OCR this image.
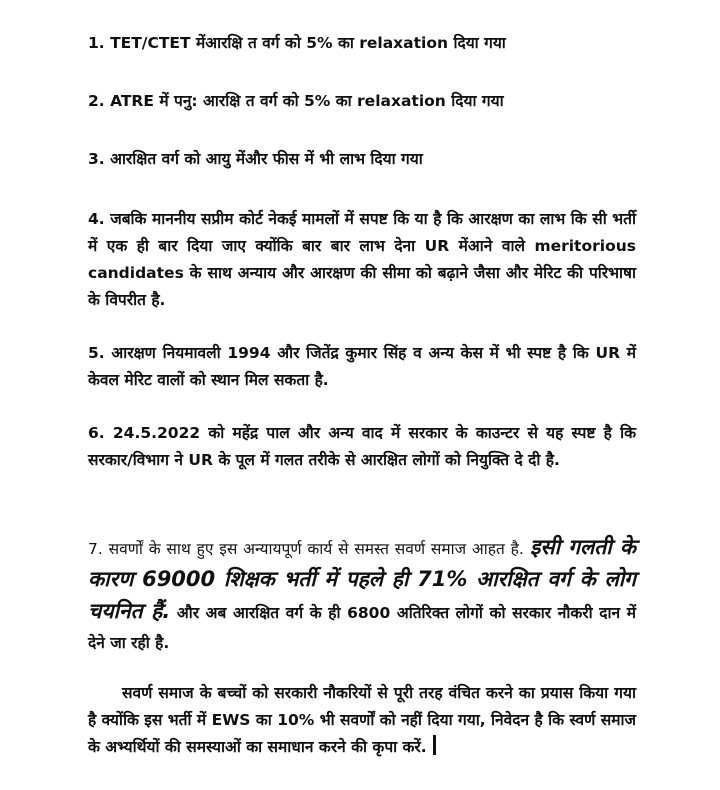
1. TET/CTET मेंआरक्षि त वर्ग को 5% का relaxation दिया गया

2. ATRE में पनु: आरक्षि त वर्ग को 5% का relaxation दिया गया

3. आरक्षित वर्ग को आयु मेंऔर फीस में भी लाभ दिया गया

4. जबकि माननीय सप्रीम कोर्ट नेकई मामलों में सपष्ट कि या है कि आरक्षण का लाभ कि सी भर्ती में एक ही बार दिया जाए क्योंकि बार बार लाभ देना UR मेंआने वाले meritorious candidates के साथ अन्याय और आरक्षण की सीमा को बढ़ाने जैसा और मेरिट की परिभाषा के विपरीत है.

5. आरक्षण नियमावली 1994 और जितेंद्र कुमार सिंह व अन्य केस में भी स्पष्ट है कि UR में केवल मेरिट वालों को स्थान मिल सकता है.

6. 24.5.2022 को महेंद्र पाल और अन्य वाद में सरकार के काउन्टर से यह स्पष्ट है कि सरकार/विभाग ने UR के पूल में गलत तरीके से आरक्षित लोगों को नियुक्ति दे दी है.

7. सवर्णों के साथ हुए इस अन्यायपूर्ण कार्य से समस्त सवर्ण समाज आहत है. इसी गलती के कारण 69000 शिक्षक भर्ती में पहले ही 71% आरक्षित वर्ग के लोग चयनित हैं. और अब आरक्षित वर्ग के ही 6800 अतिरिक्त लोगों को सरकार नौकरी दान में देने जा रही है.

सवर्ण समाज के बच्चों को सरकारी नौकरियों से पूरी तरह वंचित करने का प्रयास किया गया है क्योंकि इस भर्ती में EWS का 10% भी सवर्णों को नहीं दिया गया, निवेदन है कि स्वर्ण समाज के अभ्यर्थियों की समस्याओं का समाधान करने की कृपा करें.
